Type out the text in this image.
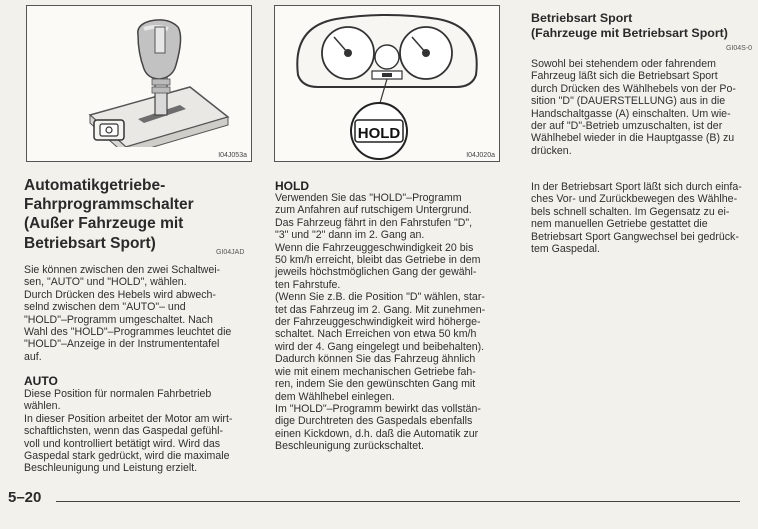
I04J053a
HOLD
I04J020a
Automatikgetriebe-
Fahrprogrammschalter
(Außer Fahrzeuge mit
Betriebsart Sport)
GI04JAD

Sie können zwischen den zwei Schaltwei-
sen, "AUTO" und "HOLD", wählen.
Durch Drücken des Hebels wird abwech-
selnd zwischen dem "AUTO"– und
"HOLD"–Programm umgeschaltet. Nach
Wahl des "HOLD"–Programmes leuchtet die
"HOLD"–Anzeige in der Instrumententafel
auf.

AUTO

Diese Position für normalen Fahrbetrieb
wählen.
In dieser Position arbeitet der Motor am wirt-
schaftlichsten, wenn das Gaspedal gefühl-
voll und kontrolliert betätigt wird. Wird das
Gaspedal stark gedrückt, wird die maximale
Beschleunigung und Leistung erzielt.

HOLD

Verwenden Sie das "HOLD"–Programm
zum Anfahren auf rutschigem Untergrund.
Das Fahrzeug fährt in den Fahrstufen "D",
"3" und "2" dann im 2. Gang an.
Wenn die Fahrzeuggeschwindigkeit 20 bis
50 km/h erreicht, bleibt das Getriebe in dem
jeweils höchstmöglichen Gang der gewähl-
ten Fahrstufe.
(Wenn Sie z.B. die Position "D" wählen, star-
tet das Fahrzeug im 2. Gang. Mit zunehmen-
der Fahrzeuggeschwindigkeit wird höherge-
schaltet. Nach Erreichen von etwa 50 km/h
wird der 4. Gang eingelegt und beibehalten).
Dadurch können Sie das Fahrzeug ähnlich
wie mit einem mechanischen Getriebe fah-
ren, indem Sie den gewünschten Gang mit
dem Wählhebel einlegen.
Im "HOLD"–Programm bewirkt das vollstän-
dige Durchtreten des Gaspedals ebenfalls
einen Kickdown, d.h. daß die Automatik zur
Beschleunigung zurückschaltet.

Betriebsart Sport
(Fahrzeuge mit Betriebsart Sport)
GI04S-0

Sowohl bei stehendem oder fahrendem
Fahrzeug läßt sich die Betriebsart Sport
durch Drücken des Wählhebels von der Po-
sition "D" (DAUERSTELLUNG) aus in die
Handschaltgasse (A) einschalten. Um wie-
der auf "D"-Betrieb umzuschalten, ist der
Wählhebel wieder in die Hauptgasse (B) zu
drücken.

In der Betriebsart Sport läßt sich durch einfa-
ches Vor- und Zurückbewegen des Wählhe-
bels schnell schalten. Im Gegensatz zu ei-
nem manuellen Getriebe gestattet die
Betriebsart Sport Gangwechsel bei gedrück-
tem Gaspedal.

5–20
